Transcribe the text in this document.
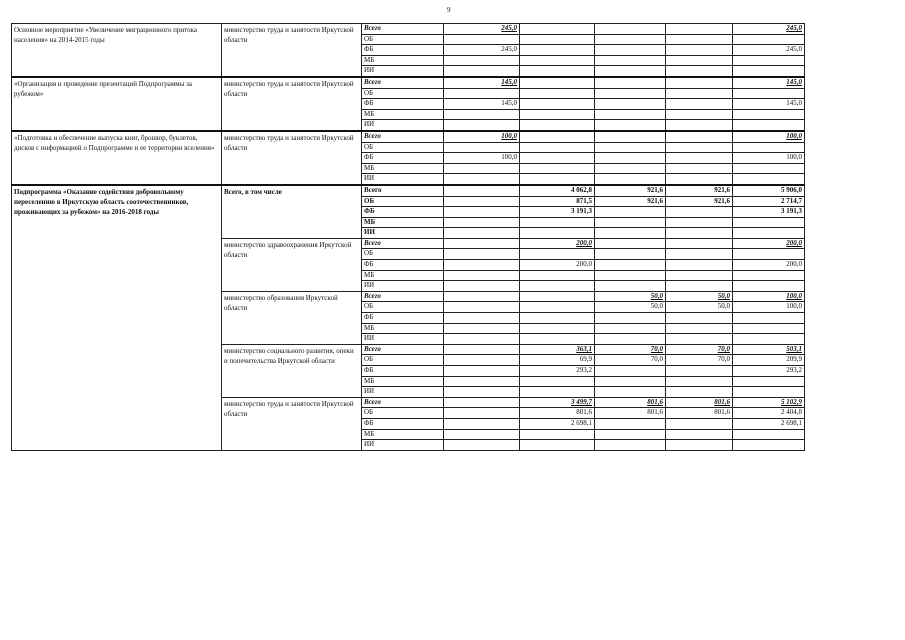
9
Основное мероприятие «Увеличение миграционного притока населения» на 2014-2015 годы	министерство труда и занятости Иркутской области	Всего	245,0				245,0
		ОБ					
		ФБ	245,0				245,0
		МБ					
		ИИ					
«Организация и проведение презентаций Подпрограммы за рубежом»	министерство труда и занятости Иркутской области	Всего	145,0				145,0
		ОБ					
		ФБ	145,0				145,0
		МБ					
		ИИ					
«Подготовка и обеспечение выпуска книг, брошюр, буклетов, дисков с информацией о Подпрограмме и ее территории вселения»	министерство труда и занятости Иркутской области	Всего	100,0				100,0
		ОБ					
		ФБ	100,0				100,0
		МБ					
		ИИ					
Подпрограмма «Оказание содействия добровольному переселению в Иркутскую область соотечественников, проживающих за рубежом» на 2016-2018 годы	Всего, в том числе	Всего		4 062,8	921,6	921,6	5 906,0
		ОБ		871,5	921,6	921,6	2 714,7
		ФБ		3 191,3			3 191,3
		МБ					
		ИИ					
	министерство здравоохранения Иркутской области	Всего		200,0			200,0
		ОБ					
		ФБ		200,0			200,0
		МБ					
		ИИ					
	министерство образования Иркутской области	Всего			50,0	50,0	100,0
		ОБ			50,0	50,0	100,0
		ФБ					
		МБ					
		ИИ					
	министерство социального развития, опеки и попечительства Иркутской области	Всего		363,1	70,0	70,0	503,1
		ОБ		69,9	70,0	70,0	209,9
		ФБ		293,2			293,2
		МБ					
		ИИ					
	министерство труда и занятости Иркутской области	Всего		3 499,7	801,6	801,6	5 102,9
		ОБ		801,6	801,6	801,6	2 404,8
		ФБ		2 698,1			2 698,1
		МБ					
		ИИ					
